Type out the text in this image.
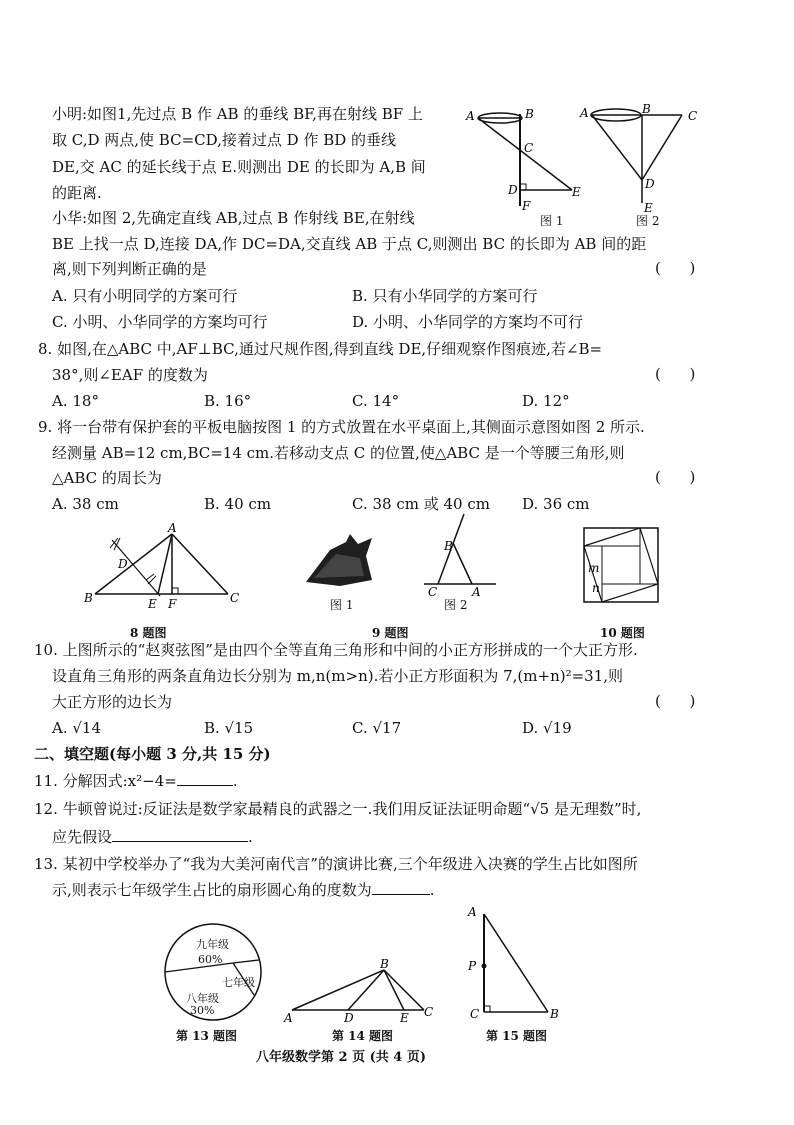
小明:如图1,先过点 B 作 AB 的垂线 BF,再在射线 BF 上
取 C,D 两点,使 BC=CD,接着过点 D 作 BD 的垂线
DE,交 AC 的延长线于点 E.则测出 DE 的长即为 A,B 间
的距离.
小华:如图 2,先确定直线 AB,过点 B 作射线 BE,在射线
BE 上找一点 D,连接 DA,作 DC=DA,交直线 AB 于点 C,则测出 BC 的长即为 AB 间的距
离,则下列判断正确的是	(      )
A. 只有小明同学的方案可行	B. 只有小华同学的方案可行
C. 小明、小华同学的方案均可行	D. 小明、小华同学的方案均不可行
A	B
C
D	E
F
图 1
A	B	C
D
E
图 2
8. 如图,在△ABC 中,AF⊥BC,通过尺规作图,得到直线 DE,仔细观察作图痕迹,若∠B=
38°,则∠EAF 的度数为	(      )
A. 18°	B. 16°	C. 14°	D. 12°
9. 将一台带有保护套的平板电脑按图 1 的方式放置在水平桌面上,其侧面示意图如图 2 所示.
经测量 AB=12 cm,BC=14 cm.若移动支点 C 的位置,使△ABC 是一个等腰三角形,则
△ABC 的周长为	(      )
A. 38 cm	B. 40 cm	C. 38 cm 或 40 cm D. 36 cm
A
D
B	E F	C
8 题图
图 1
B
C	A
图 2
9 题图
m
n
10 题图
10. 上图所示的“赵爽弦图”是由四个全等直角三角形和中间的小正方形拼成的一个大正方形.
设直角三角形的两条直角边长分别为 m,n(m>n).若小正方形面积为 7,(m+n)²=31,则
大正方形的边长为	(      )
A. √14	B. √15	C. √17	D. √19
二、填空题(每小题 3 分,共 15 分)
11. 分解因式:x²−4=	.
12. 牛顿曾说过:反证法是数学家最精良的武器之一.我们用反证法证明命题“√5 是无理数”时,
应先假设	.
13. 某初中学校举办了“我为大美河南代言”的演讲比赛,三个年级进入决赛的学生占比如图所
示,则表示七年级学生占比的扇形圆心角的度数为	.
九年级
60%
七年级
八年级
30%
第 13 题图
B
A	D	E C
第 14 题图
A
P
C	B
第 15 题图
八年级数学第 2 页 (共 4 页)
